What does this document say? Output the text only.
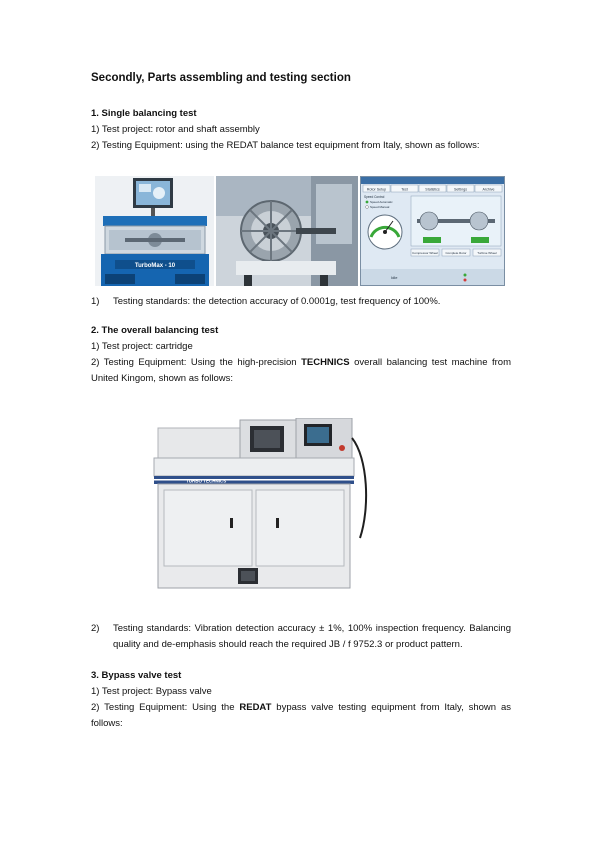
Secondly, Parts assembling and testing section
1. Single balancing test
1) Test project: rotor and shaft assembly
2) Testing Equipment: using the REDAT balance test equipment from Italy, shown as follows:
TurboMax - 10
Rotor Setup	Test	Statistics	Settings	Archive
Speed Control
Speed Automatic
Speed Manual
Compressor Wheel	Complete Rotor	Turbine Wheel
Idle
1) Testing standards: the detection accuracy of 0.0001g, test frequency of 100%.
2. The overall balancing test
1) Test project: cartridge
2) Testing Equipment: Using the high-precision TECHNICS overall balancing test machine from United Kingom, shown as follows:
TURBO TECHNICS
2) Testing standards: Vibration detection accuracy ± 1%, 100% inspection frequency. Balancing quality and de-emphasis should reach the required JB / f 9752.3 or product pattern.
3. Bypass valve test
1) Test project: Bypass valve
2) Testing Equipment: Using the REDAT bypass valve testing equipment from Italy, shown as follows:
